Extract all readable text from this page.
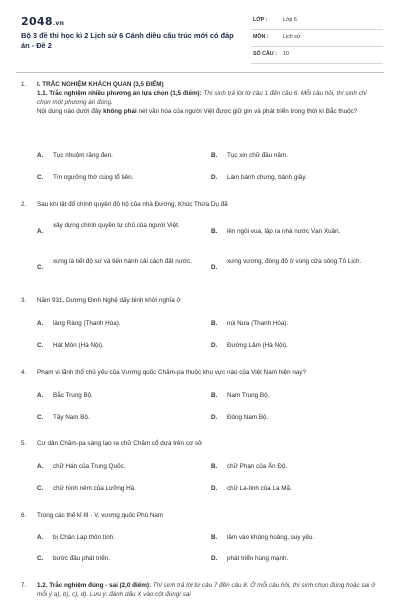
2048.vn
Bộ 3 đề thi học kì 2 Lịch sử 6 Cánh diều cấu trúc mới có đáp án - Đề 2
LỚP :	Lớp 6
MÔN :	Lịch sử
SỐ CÂU : 10
1. I. TRẮC NGHIỆM KHÁCH QUAN (3,5 ĐIỂM)
1.1. Trắc nghiệm nhiều phương án lựa chọn (1,5 điểm): Thí sinh trả lời từ câu 1 đến câu 6. Mỗi câu hỏi, thí sinh chỉ chọn một phương án đúng.
Nội dung nào dưới đây không phải nét văn hóa của người Việt được giữ gìn và phát triển trong thời kì Bắc thuộc?
A. Tục nhuộm răng đen.	B. Tục xin chữ đầu năm.
C. Tín ngưỡng thờ cúng tổ tiên.	D. Làm bánh chưng, bánh giầy.
2. Sau khi lật đổ chính quyền đô hộ của nhà Đường, Khúc Thừa Dụ đã
A.
xây dựng chính quyền tự chủ của người Việt.
B. lên ngôi vua, lập ra nhà nước Vạn Xuân.
C.
xưng là tiết độ sứ và tiến hành cải cách đất nước.
D.
xưng vương, đóng đô ở vùng cửa sông Tô Lịch.
3. Năm 931, Dương Đình Nghệ dấy binh khởi nghĩa ở
A. làng Ràng (Thanh Hóa).	B. núi Nưa (Thanh Hóa).
C. Hát Môn (Hà Nội).	D. Đường Lâm (Hà Nội).
4. Phạm vi lãnh thổ chủ yếu của Vương quốc Chăm-pa thuộc khu vực nào của Việt Nam hiện nay?
A. Bắc Trung Bộ.	B. Nam Trung Bộ.
C. Tây Nam Bộ.	D. Đông Nam Bộ.
5. Cư dân Chăm-pa sáng tạo ra chữ Chăm cổ dựa trên cơ sở
A. chữ Hán của Trung Quốc.	B. chữ Phạn của Ấn Độ.
C. chữ hình nêm của Lưỡng Hà.	D. chữ La-tinh của La Mã.
6. Trong các thế kỉ III - V, vương quốc Phù Nam
A. bị Chân Lạp thôn tính.	B. lâm vào khủng hoảng, suy yếu.
C. bước đầu phát triển.	D. phát triển hùng mạnh.
7. 1.2. Trắc nghiệm đúng - sai (2,0 điểm): Thí sinh trả lời từ câu 7 đến câu 8. Ở mỗi câu hỏi, thí sinh chọn đúng hoặc sai ở mỗi ý a), b), c), d). Lưu ý: đánh dấu X vào cột đúng/ sai
